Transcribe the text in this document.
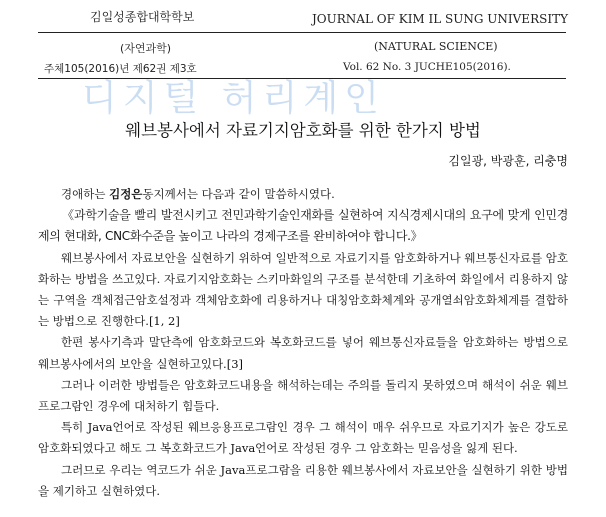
김일성종합대학학보
(자연과학)
주체105(2016)년 제62권 제3호
JOURNAL OF KIM IL SUNG UNIVERSITY
(NATURAL SCIENCE)
Vol. 62 No. 3 JUCHE105(2016).
디지털 허리계인
웨브봉사에서 자료기지암호화를 위한 한가지 방법
김일광, 박광훈, 리충명

경애하는 김정은동지께서는 다음과 같이 말씀하시였다.

《과학기술을 빨리 발전시키고 전민과학기술인재화를 실현하여 지식경제시대의 요구에 맞게 인민경제의 현대화, CNC화수준을 높이고 나라의 경제구조를 완비하여야 합니다.》

웨브봉사에서 자료보안을 실현하기 위하여 일반적으로 자료기지를 암호화하거나 웨브통신자료를 암호화하는 방법을 쓰고있다. 자료기지암호화는 스키마화일의 구조를 분석한데 기초하여 화일에서 리용하지 않는 구역을 객체접근암호설정과 객체암호화에 리용하거나 대칭암호화체계와 공개열쇠암호화체계를 결합하는 방법으로 진행한다.[1, 2]

한편 봉사기측과 말단측에 암호화코드와 복호화코드를 넣어 웨브통신자료들을 암호화하는 방법으로 웨브봉사에서의 보안을 실현하고있다.[3]

그러나 이러한 방법들은 암호화코드내용을 해석하는데는 주의를 돌리지 못하였으며 해석이 쉬운 웨브프로그람인 경우에 대처하기 힘들다.

특히 Java언어로 작성된 웨브응용프로그람인 경우 그 해석이 매우 쉬우므로 자료기지가 높은 강도로 암호화되였다고 해도 그 복호화코드가 Java언어로 작성된 경우 그 암호화는 믿음성을 잃게 된다.

그러므로 우리는 역코드가 쉬운 Java프로그람을 리용한 웨브봉사에서 자료보안을 실현하기 위한 방법을 제기하고 실현하였다.
